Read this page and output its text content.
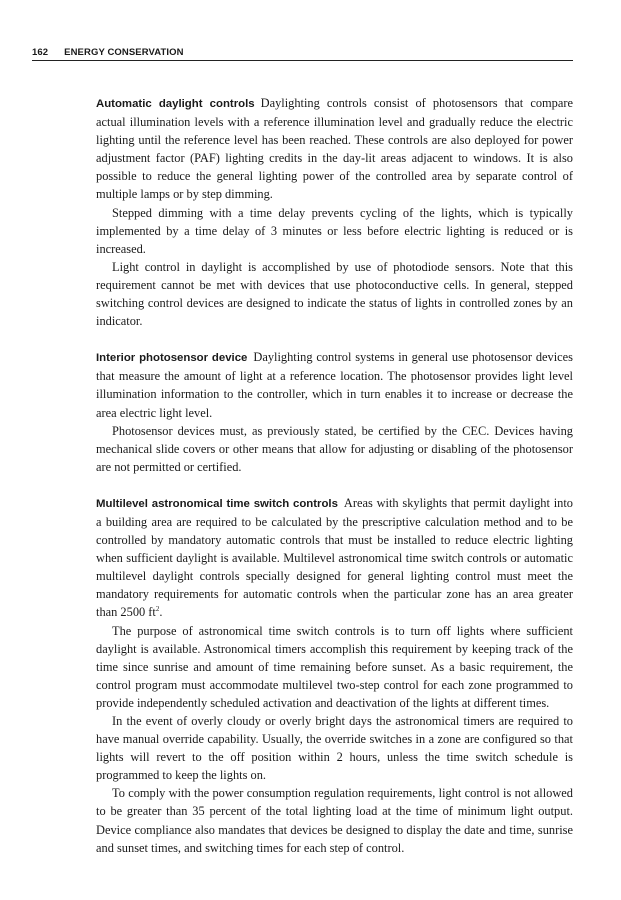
162 ENERGY CONSERVATION

Automatic daylight controls Daylighting controls consist of photosensors that compare actual illumination levels with a reference illumination level and gradually reduce the electric lighting until the reference level has been reached. These controls are also deployed for power adjustment factor (PAF) lighting credits in the day-lit areas adjacent to windows. It is also possible to reduce the general lighting power of the controlled area by separate control of multiple lamps or by step dimming.

Stepped dimming with a time delay prevents cycling of the lights, which is typically implemented by a time delay of 3 minutes or less before electric lighting is reduced or is increased.

Light control in daylight is accomplished by use of photodiode sensors. Note that this requirement cannot be met with devices that use photoconductive cells. In general, stepped switching control devices are designed to indicate the status of lights in controlled zones by an indicator.

Interior photosensor device Daylighting control systems in general use photosensor devices that measure the amount of light at a reference location. The photosensor provides light level illumination information to the controller, which in turn enables it to increase or decrease the area electric light level.

Photosensor devices must, as previously stated, be certified by the CEC. Devices having mechanical slide covers or other means that allow for adjusting or disabling of the photosensor are not permitted or certified.

Multilevel astronomical time switch controls Areas with skylights that permit daylight into a building area are required to be calculated by the prescriptive calculation method and to be controlled by mandatory automatic controls that must be installed to reduce electric lighting when sufficient daylight is available. Multilevel astronomical time switch controls or automatic multilevel daylight controls specially designed for general lighting control must meet the mandatory requirements for automatic controls when the particular zone has an area greater than 2500 $ft^2$.

The purpose of astronomical time switch controls is to turn off lights where sufficient daylight is available. Astronomical timers accomplish this requirement by keeping track of the time since sunrise and amount of time remaining before sunset. As a basic requirement, the control program must accommodate multilevel two-step control for each zone programmed to provide independently scheduled activation and deactivation of the lights at different times.

In the event of overly cloudy or overly bright days the astronomical timers are required to have manual override capability. Usually, the override switches in a zone are configured so that lights will revert to the off position within 2 hours, unless the time switch schedule is programmed to keep the lights on.

To comply with the power consumption regulation requirements, light control is not allowed to be greater than 35 percent of the total lighting load at the time of minimum light output. Device compliance also mandates that devices be designed to display the date and time, sunrise and sunset times, and switching times for each step of control.
